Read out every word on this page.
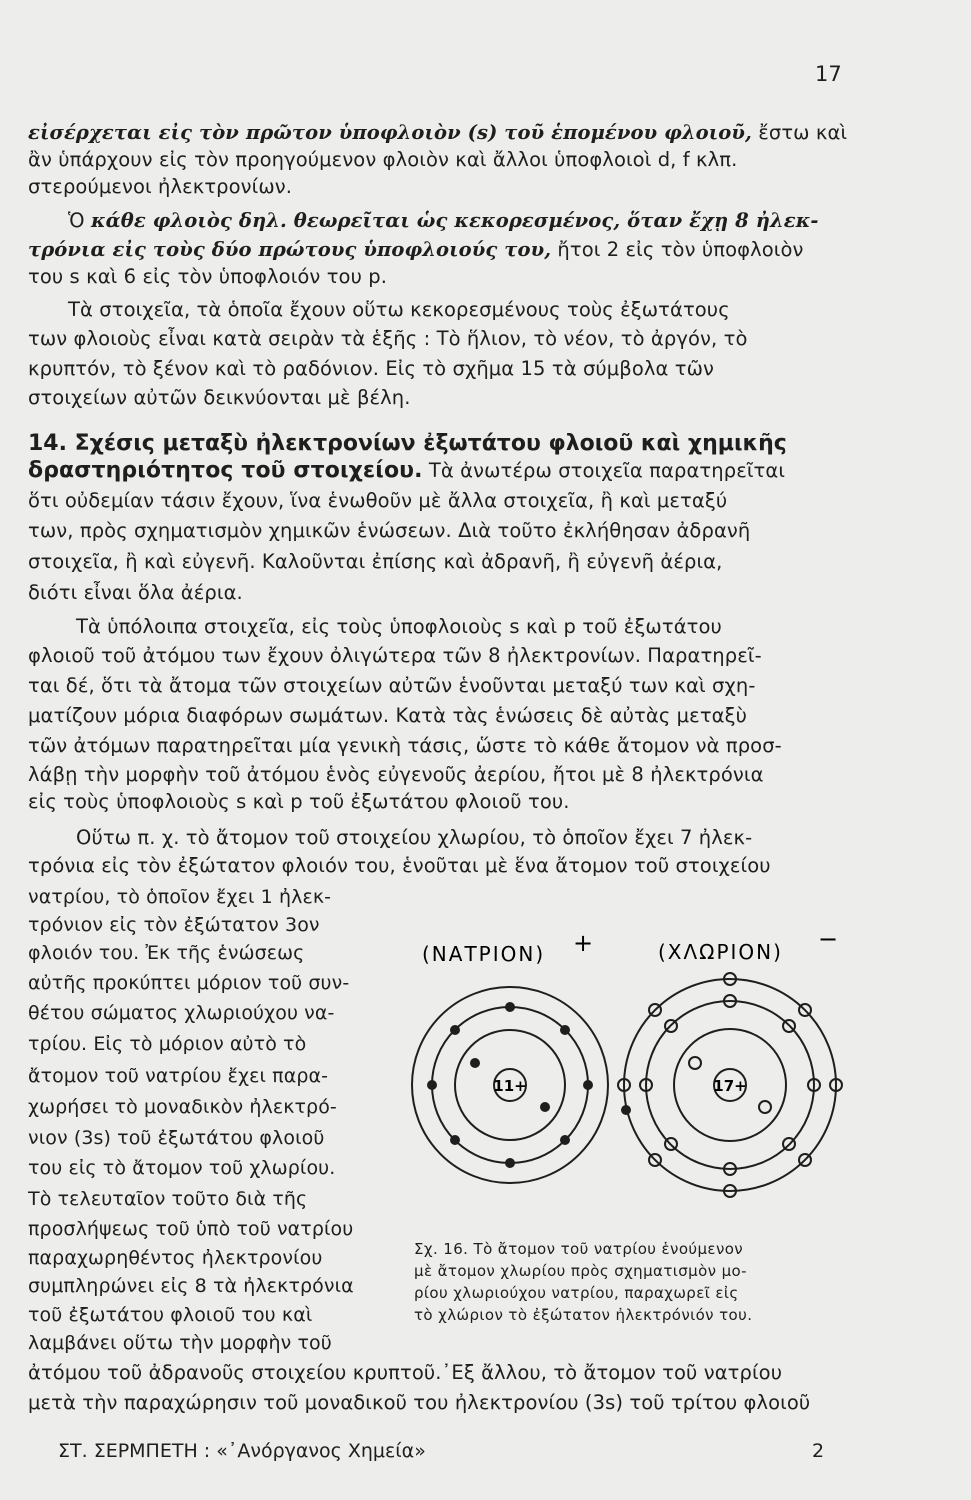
17
εἰσέρχεται εἰς τὸν πρῶτον ὑποφλοιὸν (s) τοῦ ἑπομένου φλοιοῦ, ἔστω καὶ
ἂν ὑπάρχουν εἰς τὸν προηγούμενον φλοιὸν καὶ ἄλλοι ὑποφλοιοὶ d, f κλπ.
στερούμενοι ἠλεκτρονίων.
Ὁ κάθε φλοιὸς δηλ. θεωρεῖται ὡς κεκορεσμένος, ὅταν ἔχῃ 8 ἠλεκ-
τρόνια εἰς τοὺς δύο πρώτους ὑποφλοιούς του, ἤτοι 2 εἰς τὸν ὑποφλοιὸν
του s καὶ 6 εἰς τὸν ὑποφλοιόν του p.
Τὰ στοιχεῖα, τὰ ὁποῖα ἔχουν οὕτω κεκορεσμένους τοὺς ἐξωτάτους
των φλοιοὺς εἶναι κατὰ σειρὰν τὰ ἑξῆς : Τὸ ἥλιον, τὸ νέον, τὸ ἀργόν, τὸ
κρυπτόν, τὸ ξένον καὶ τὸ ραδόνιον. Εἰς τὸ σχῆμα 15 τὰ σύμβολα τῶν
στοιχείων αὐτῶν δεικνύονται μὲ βέλη.
14. Σχέσις μεταξὺ ἠλεκτρονίων ἐξωτάτου φλοιοῦ καὶ χημικῆς
δραστηριότητος τοῦ στοιχείου. Τὰ ἀνωτέρω στοιχεῖα παρατηρεῖται
ὅτι οὐδεμίαν τάσιν ἔχουν, ἵνα ἑνωθοῦν μὲ ἄλλα στοιχεῖα, ἢ καὶ μεταξύ
των, πρὸς σχηματισμὸν χημικῶν ἑνώσεων. Διὰ τοῦτο ἐκλήθησαν ἀδρανῆ
στοιχεῖα, ἢ καὶ εὐγενῆ. Καλοῦνται ἐπίσης καὶ ἀδρανῆ, ἢ εὐγενῆ ἀέρια,
διότι εἶναι ὅλα ἀέρια.
Τὰ ὑπόλοιπα στοιχεῖα, εἰς τοὺς ὑποφλοιοὺς s καὶ p τοῦ ἐξωτάτου
φλοιοῦ τοῦ ἀτόμου των ἔχουν ὀλιγώτερα τῶν 8 ἠλεκτρονίων. Παρατηρεῖ-
ται δέ, ὅτι τὰ ἄτομα τῶν στοιχείων αὐτῶν ἑνοῦνται μεταξύ των καὶ σχη-
ματίζουν μόρια διαφόρων σωμάτων. Κατὰ τὰς ἑνώσεις δὲ αὐτὰς μεταξὺ
τῶν ἀτόμων παρατηρεῖται μία γενικὴ τάσις, ὥστε τὸ κάθε ἄτομον νὰ προσ-
λάβῃ τὴν μορφὴν τοῦ ἀτόμου ἑνὸς εὐγενοῦς ἀερίου, ἤτοι μὲ 8 ἠλεκτρόνια
εἰς τοὺς ὑποφλοιοὺς s καὶ p τοῦ ἐξωτάτου φλοιοῦ του.
Οὕτω π. χ. τὸ ἄτομον τοῦ στοιχείου χλωρίου, τὸ ὁποῖον ἔχει 7 ἠλεκ-
τρόνια εἰς τὸν ἐξώτατον φλοιόν του, ἑνοῦται μὲ ἕνα ἄτομον τοῦ στοιχείου
νατρίου, τὸ ὁποῖον ἔχει 1 ἠλεκ-
τρόνιον εἰς τὸν ἐξώτατον 3ον
φλοιόν του. Ἐκ τῆς ἑνώσεως
αὐτῆς προκύπτει μόριον τοῦ συν-
θέτου σώματος χλωριούχου να-
τρίου. Εἰς τὸ μόριον αὐτὸ τὸ
ἄτομον τοῦ νατρίου ἔχει παρα-
χωρήσει τὸ μοναδικὸν ἠλεκτρό-
νιον (3s) τοῦ ἐξωτάτου φλοιοῦ
του εἰς τὸ ἄτομον τοῦ χλωρίου.
Τὸ τελευταῖον τοῦτο διὰ τῆς
προσλήψεως τοῦ ὑπὸ τοῦ νατρίου
παραχωρηθέντος ἠλεκτρονίου
συμπληρώνει εἰς 8 τὰ ἠλεκτρόνια
τοῦ ἐξωτάτου φλοιοῦ του καὶ
λαμβάνει οὕτω τὴν μορφὴν τοῦ
ἀτόμου τοῦ ἀδρανοῦς στοιχείου κρυπτοῦ.᾿Εξ ἄλλου, τὸ ἄτομον τοῦ νατρίου
μετὰ τὴν παραχώρησιν τοῦ μοναδικοῦ του ἠλεκτρονίου (3s) τοῦ τρίτου φλοιοῦ
(ΝΑΤΡΙΟΝ) +	(ΧΛΩΡΙΟΝ) −
11+	17+

Σχ. 16. Τὸ ἄτομον τοῦ νατρίου ἑνούμενον

μὲ ἄτομον χλωρίου πρὸς σχηματισμὸν μο-

ρίου χλωριούχου νατρίου, παραχωρεῖ εἰς

τὸ χλώριον τὸ ἐξώτατον ἠλεκτρόνιόν του.

ΣΤ. ΣΕΡΜΠΕΤΗ : «᾿Ανόργανος Χημεία»	2
